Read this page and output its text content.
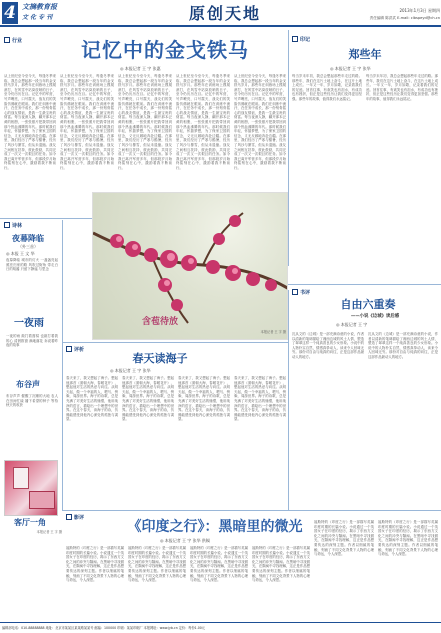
4 文摘教育报
文 化 专 刊	原创天地	2013年1月3日 星期四
责任编辑 陈洪武 E-mail: clbspeyd@ch.cn
行业	印记
诗林
评析
书评
影评
记忆中的金戈铁马
◎ 本报记者 王 宇 张惠
从上世纪至今至今天，每逢冬季来临，我总会想起那一段当年的金戈铁马岁月。那些年在训练场上摸爬滚打，在风雪中站岗放哨的日子，至今仍历历在目。记忆中的军营，号声嘹亮，口号震天，战友们的笑脸仿佛就在眼前。我们在训练中流汗，在任务中成长，那一份刻骨铭心的战友情谊，是我一生最宝贵的财富。每当夜深人静，翻开那本泛黄的相册，一张张照片把我带回到那个热血沸腾的年代。那时候我们年轻，怀揣梦想，为了保家卫国的信念，义无反顾地奔赴边疆。在那里，我们经历了严寒与酷暑，经历了风沙与暴雪，但从未退缩。战友之间相互扶持，彼此鼓励，共同完成了一次又一次艰巨的任务。如今我已离开军营多年，但那段岁月始终铭刻在心中，激励着我不断前行。
从上世纪至今至今天，每逢冬季来临，我总会想起那一段当年的金戈铁马岁月。那些年在训练场上摸爬滚打，在风雪中站岗放哨的日子，至今仍历历在目。记忆中的军营，号声嘹亮，口号震天，战友们的笑脸仿佛就在眼前。我们在训练中流汗，在任务中成长，那一份刻骨铭心的战友情谊，是我一生最宝贵的财富。每当夜深人静，翻开那本泛黄的相册，一张张照片把我带回到那个热血沸腾的年代。那时候我们年轻，怀揣梦想，为了保家卫国的信念，义无反顾地奔赴边疆。在那里，我们经历了严寒与酷暑，经历了风沙与暴雪，但从未退缩。战友之间相互扶持，彼此鼓励，共同完成了一次又一次艰巨的任务。如今我已离开军营多年，但那段岁月始终铭刻在心中，激励着我不断前行。
从上世纪至今至今天，每逢冬季来临，我总会想起那一段当年的金戈铁马岁月。那些年在训练场上摸爬滚打，在风雪中站岗放哨的日子，至今仍历历在目。记忆中的军营，号声嘹亮，口号震天，战友们的笑脸仿佛就在眼前。我们在训练中流汗，在任务中成长，那一份刻骨铭心的战友情谊，是我一生最宝贵的财富。每当夜深人静，翻开那本泛黄的相册，一张张照片把我带回到那个热血沸腾的年代。那时候我们年轻，怀揣梦想，为了保家卫国的信念，义无反顾地奔赴边疆。在那里，我们经历了严寒与酷暑，经历了风沙与暴雪，但从未退缩。战友之间相互扶持，彼此鼓励，共同完成了一次又一次艰巨的任务。如今我已离开军营多年，但那段岁月始终铭刻在心中，激励着我不断前行。
从上世纪至今至今天，每逢冬季来临，我总会想起那一段当年的金戈铁马岁月。那些年在训练场上摸爬滚打，在风雪中站岗放哨的日子，至今仍历历在目。记忆中的军营，号声嘹亮，口号震天，战友们的笑脸仿佛就在眼前。我们在训练中流汗，在任务中成长，那一份刻骨铭心的战友情谊，是我一生最宝贵的财富。每当夜深人静，翻开那本泛黄的相册，一张张照片把我带回到那个热血沸腾的年代。那时候我们年轻，怀揣梦想，为了保家卫国的信念，义无反顾地奔赴边疆。在那里，我们经历了严寒与酷暑，经历了风沙与暴雪，但从未退缩。战友之间相互扶持，彼此鼓励，共同完成了一次又一次艰巨的任务。如今我已离开军营多年，但那段岁月始终铭刻在心中，激励着我不断前行。
从上世纪至今至今天，每逢冬季来临，我总会想起那一段当年的金戈铁马岁月。那些年在训练场上摸爬滚打，在风雪中站岗放哨的日子，至今仍历历在目。记忆中的军营，号声嘹亮，口号震天，战友们的笑脸仿佛就在眼前。我们在训练中流汗，在任务中成长，那一份刻骨铭心的战友情谊，是我一生最宝贵的财富。每当夜深人静，翻开那本泛黄的相册，一张张照片把我带回到那个热血沸腾的年代。那时候我们年轻，怀揣梦想，为了保家卫国的信念，义无反顾地奔赴边疆。在那里，我们经历了严寒与酷暑，经历了风沙与暴雪，但从未退缩。战友之间相互扶持，彼此鼓励，共同完成了一次又一次艰巨的任务。如今我已离开军营多年，但那段岁月始终铭刻在心中，激励着我不断前行。
郑些年
◎ 本报记者 王 宇 张华
每当岁末年初，我总会想起那些年走过的路。那些年，我们在这片土地上奋斗，在这片土地上成长。一年又一年，岁月如歌，记录着我们的足迹。回首往事，有欢笑也有泪水，有成功也有挫折，但正是这些经历让我们变得更加坚强。那些年的故事，值得我们永远铭记。
每当岁末年初，我总会想起那些年走过的路。那些年，我们在这片土地上奋斗，在这片土地上成长。一年又一年，岁月如歌，记录着我们的足迹。回首往事，有欢笑也有泪水，有成功也有挫折，但正是这些经历让我们变得更加坚强。那些年的故事，值得我们永远铭记。
夜幕降临
（外三首）
◎ 本报 王 文 华
夜幕降临 城市的灯火 一盏盏亮起 照亮归家的路 风吹过街角 带走白日的喧嚣 只留下静谧 与思念
一夜雨
一夜的雨 敲打着窗棂 也敲打着我的心 清晨推窗 满地落花 诉说着昨夜的故事
布谷声
布谷声声 催醒了沉睡的大地 农人在田间忙碌 播下希望的种子 等待秋天的收获
客厅一角
本报记者 王 宇 摄
含苞待放
本报记者 王 宇 摄
春天读海子
◎ 本报记者 王 宇 张华
春天来了，我又想起了海子。想起他那首《面朝大海，春暖花开》，想起他对生活的热爱与向往。从明天起，做一个幸福的人，喂马、劈柴，周游世界。海子的诗歌，总是充满了对美好生活的憧憬，他用纯净的语言，描绘出一个理想中的世界。在这个春天，读海子的诗，仿佛能感受到他内心深处的孤独与渴望。
春天来了，我又想起了海子。想起他那首《面朝大海，春暖花开》，想起他对生活的热爱与向往。从明天起，做一个幸福的人，喂马、劈柴，周游世界。海子的诗歌，总是充满了对美好生活的憧憬，他用纯净的语言，描绘出一个理想中的世界。在这个春天，读海子的诗，仿佛能感受到他内心深处的孤独与渴望。
春天来了，我又想起了海子。想起他那首《面朝大海，春暖花开》，想起他对生活的热爱与向往。从明天起，做一个幸福的人，喂马、劈柴，周游世界。海子的诗歌，总是充满了对美好生活的憧憬，他用纯净的语言，描绘出一个理想中的世界。在这个春天，读海子的诗，仿佛能感受到他内心深处的孤独与渴望。
春天来了，我又想起了海子。想起他那首《面朝大海，春暖花开》，想起他对生活的热爱与向往。从明天起，做一个幸福的人，喂马、劈柴，周游世界。海子的诗歌，总是充满了对美好生活的憧憬，他用纯净的语言，描绘出一个理想中的世界。在这个春天，读海子的诗，仿佛能感受到他内心深处的孤独与渴望。
自由六重奏
——小说《边城》读后感
◎ 本报记者 王 宇
沈从文的《边城》是一部充满诗意的小说，作者以清新的笔调描绘了湘西边城的风土人情，塑造了翠翠这样一个纯真善良的少女形象。小说中的人物朴实自然，情感真挚动人，读来令人回味无穷。那份对自由与纯真的向往，正是这部作品最动人的地方。
沈从文的《边城》是一部充满诗意的小说，作者以清新的笔调描绘了湘西边城的风土人情，塑造了翠翠这样一个纯真善良的少女形象。小说中的人物朴实自然，情感真挚动人，读来令人回味无穷。那份对自由与纯真的向往，正是这部作品最动人的地方。
《印度之行》：黑暗里的微光
◎ 本报记者 王 宇 张华 供稿
福斯特的《印度之行》是一部描写英属印度时期的长篇小说。小说通过一个英国女子在印度的经历，揭示了东西方文化之间的冲突与隔阂。在黑暗中寻找微光，在隔阂中寻找理解，这正是作品想要传达的深刻主题。作者以细腻的笔触，刻画了不同文化背景下人物的心理与命运，令人深思。
福斯特的《印度之行》是一部描写英属印度时期的长篇小说。小说通过一个英国女子在印度的经历，揭示了东西方文化之间的冲突与隔阂。在黑暗中寻找微光，在隔阂中寻找理解，这正是作品想要传达的深刻主题。作者以细腻的笔触，刻画了不同文化背景下人物的心理与命运，令人深思。
福斯特的《印度之行》是一部描写英属印度时期的长篇小说。小说通过一个英国女子在印度的经历，揭示了东西方文化之间的冲突与隔阂。在黑暗中寻找微光，在隔阂中寻找理解，这正是作品想要传达的深刻主题。作者以细腻的笔触，刻画了不同文化背景下人物的心理与命运，令人深思。
福斯特的《印度之行》是一部描写英属印度时期的长篇小说。小说通过一个英国女子在印度的经历，揭示了东西方文化之间的冲突与隔阂。在黑暗中寻找微光，在隔阂中寻找理解，这正是作品想要传达的深刻主题。作者以细腻的笔触，刻画了不同文化背景下人物的心理与命运，令人深思。
福斯特的《印度之行》是一部描写英属印度时期的长篇小说。小说通过一个英国女子在印度的经历，揭示了东西方文化之间的冲突与隔阂。在黑暗中寻找微光，在隔阂中寻找理解，这正是作品想要传达的深刻主题。作者以细腻的笔触，刻画了不同文化背景下人物的心理与命运，令人深思。
福斯特的《印度之行》是一部描写英属印度时期的长篇小说。小说通过一个英国女子在印度的经历，揭示了东西方文化之间的冲突与隔阂。在黑暗中寻找微光，在隔阂中寻找理解，这正是作品想要传达的深刻主题。作者以细腻的笔触，刻画了不同文化背景下人物的心理与命运，令人深思。
编辑部电话：010-88888888 地址：北京市某某区某某路某某号 邮编：100000 印刷：某某印刷厂 本报网址：www.jyb.cn 定价：每份1.00元
